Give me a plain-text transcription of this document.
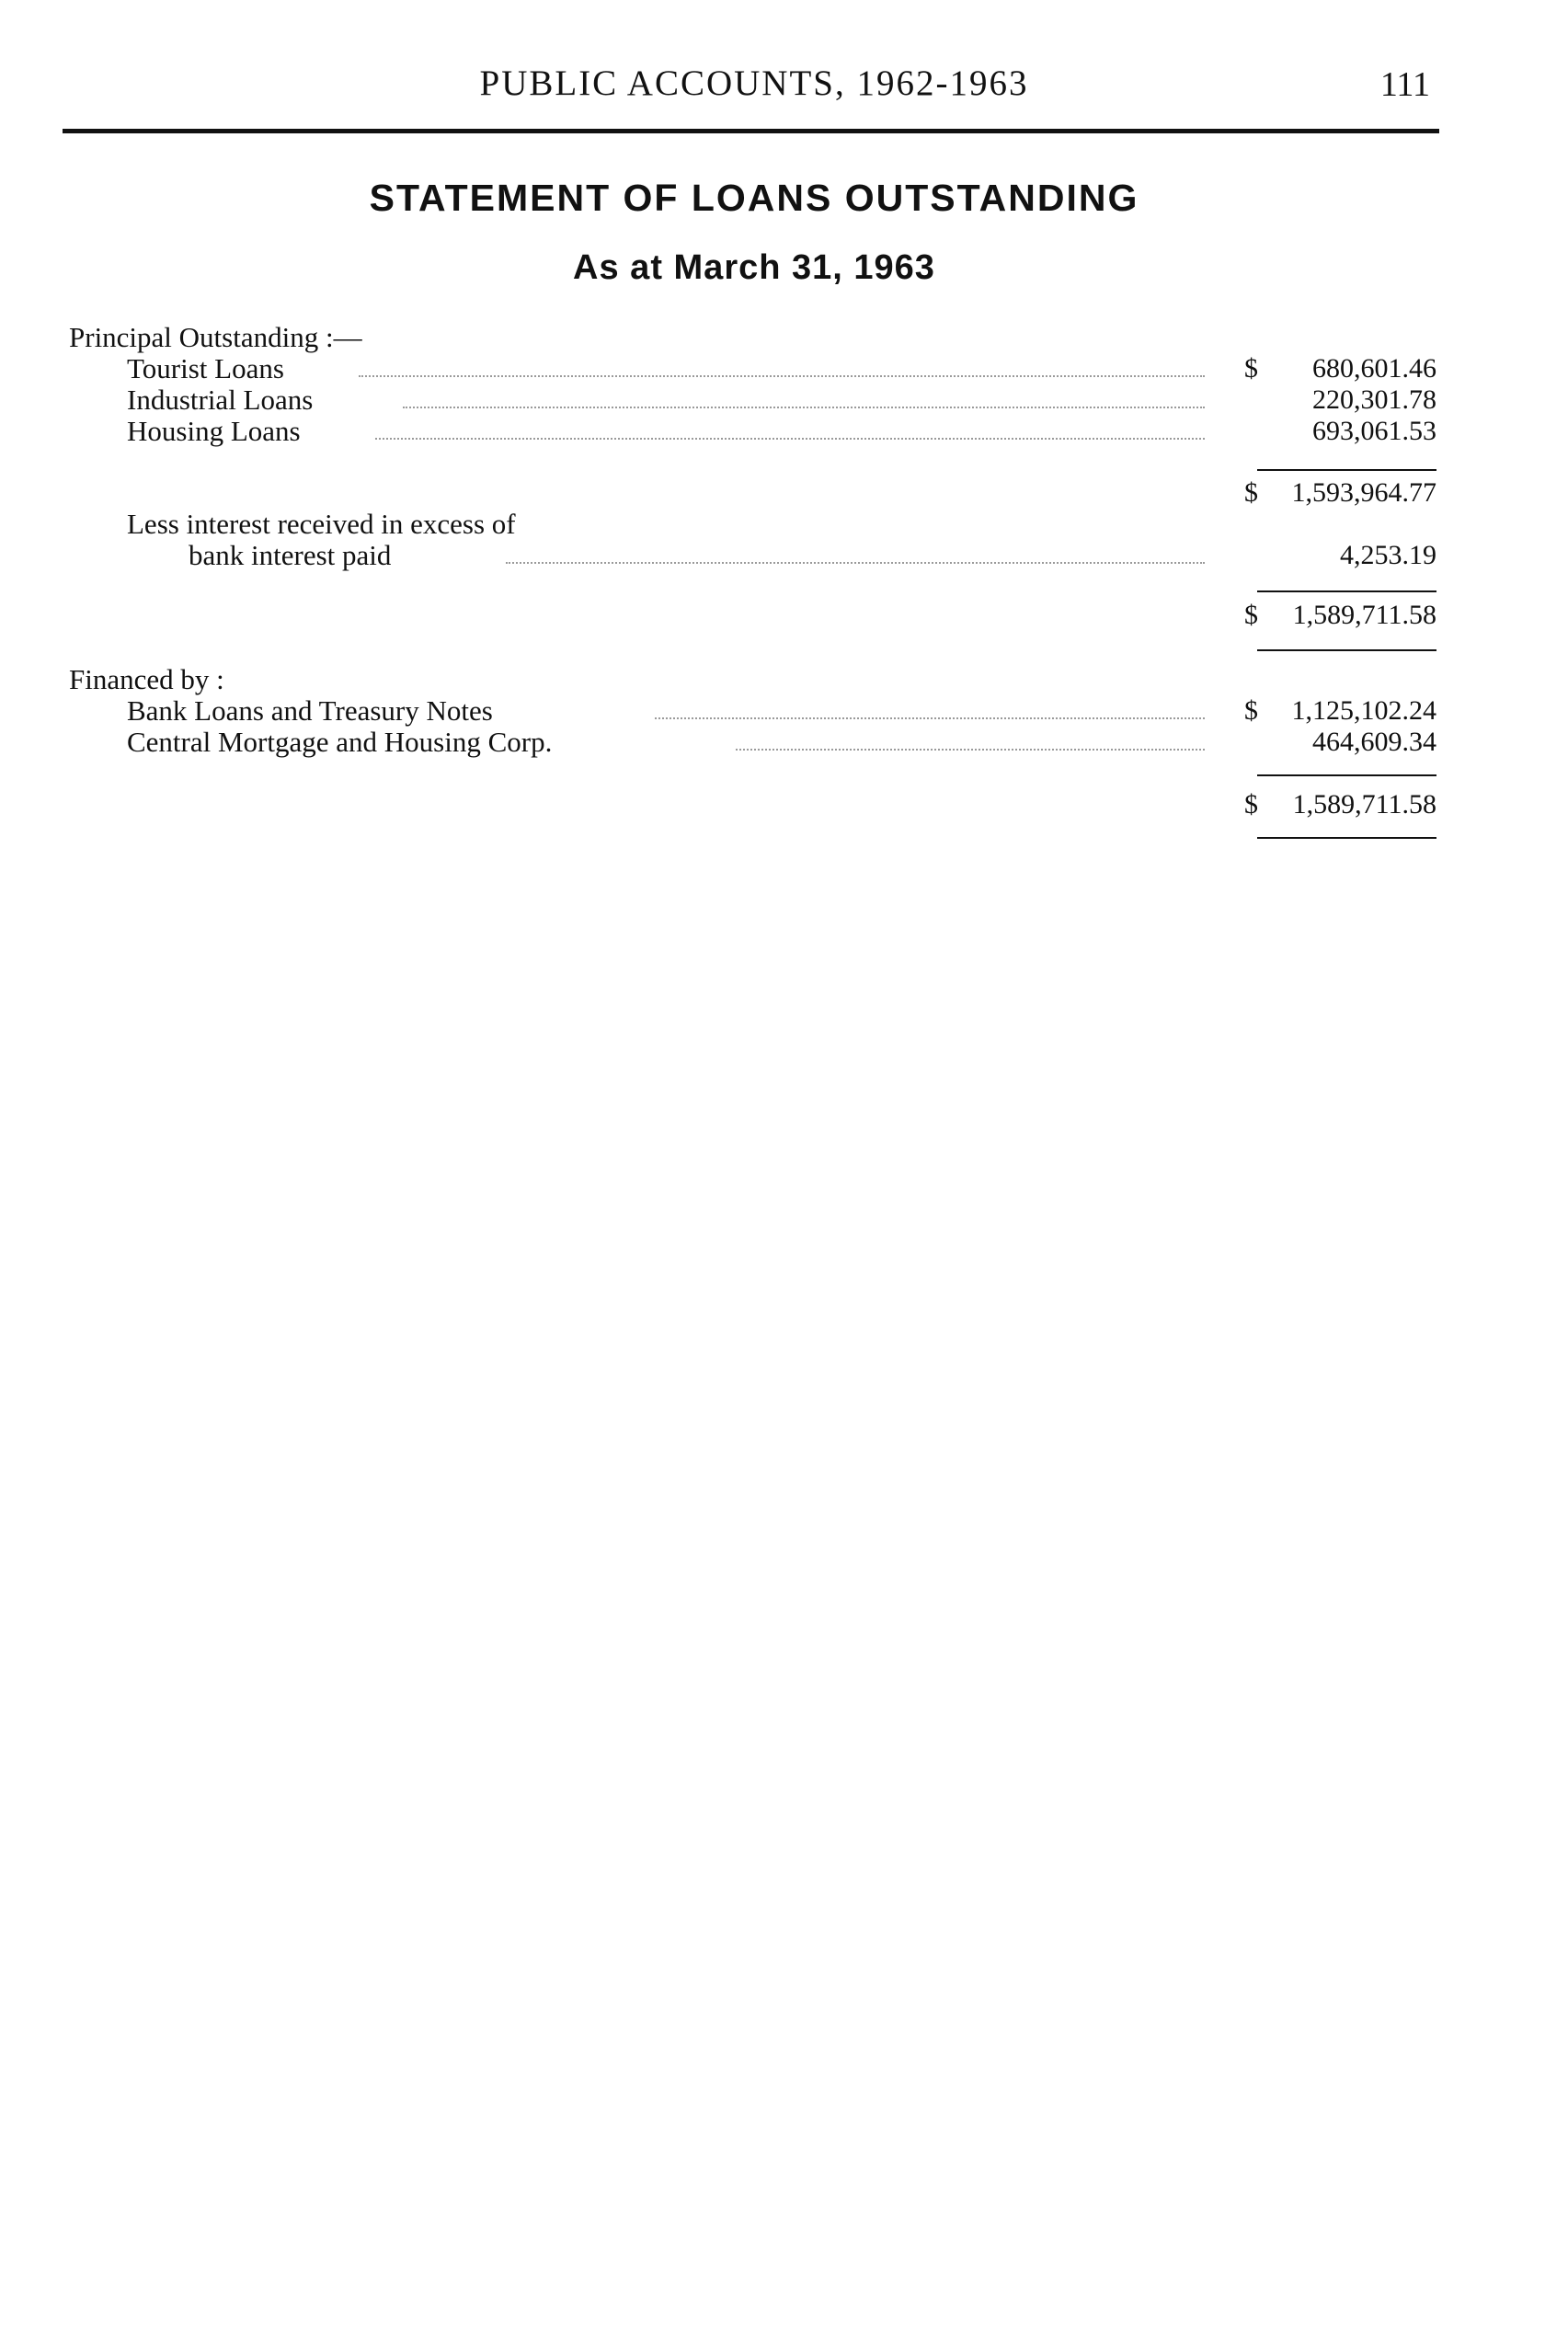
PUBLIC ACCOUNTS, 1962-1963	111
STATEMENT OF LOANS OUTSTANDING
As at March 31, 1963
Principal Outstanding :—
Tourist Loans	$	680,601.46
Industrial Loans	220,301.78
Housing Loans	693,061.53
$	1,593,964.77
Less interest received in excess of
bank interest paid	4,253.19
$	1,589,711.58
Financed by :
Bank Loans and Treasury Notes	$	1,125,102.24
Central Mortgage and Housing Corp.	464,609.34
$	1,589,711.58
